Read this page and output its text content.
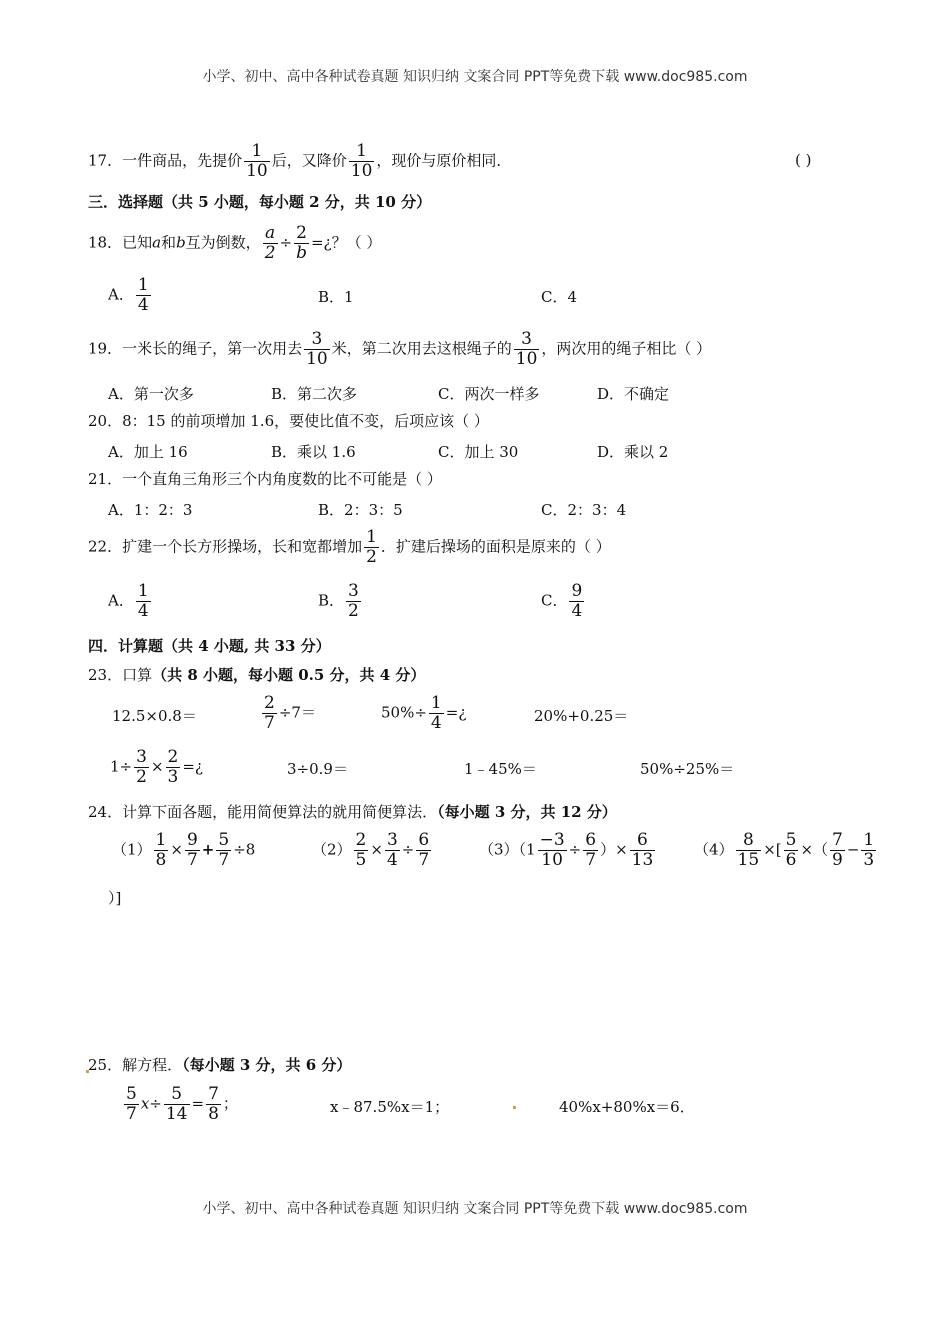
小学、初中、高中各种试卷真题 知识归纳 文案合同 PPT等免费下载 www.doc985.com
17．一件商品，先提价 $\frac{1}{10}$ 后，又降价 $\frac{1}{10}$ ，现价与原价相同．	( )
三．选择题（共 5 小题，每小题 2 分，共 10 分）
18．已知a和b互为倒数， $\frac{a}{2} \div \frac{2}{b}$ =¿？（ ）
A． $\frac{1}{4}$	B．1	C．4
19．一米长的绳子，第一次用去 $\frac{3}{10}$ 米，第二次用去这根绳子的 $\frac{3}{10}$ ，两次用的绳子相比（ ）
A．第一次多	B．第二次多	C．两次一样多	D．不确定
20．8：15 的前项增加 1.6，要使比值不变，后项应该（ ）
A．加上 16	B．乘以 1.6	C．加上 30	D．乘以 2
21．一个直角三角形三个内角度数的比不可能是（ ）
A．1：2：3	B．2：3：5	C．2：3：4
22．扩建一个长方形操场，长和宽都增加 $\frac{1}{2}$ ．扩建后操场的面积是原来的（ ）
A． $\frac{1}{4}$	B． $\frac{3}{2}$	C． $\frac{9}{4}$
四．计算题（共 4 小题, 共 33 分）
23．口算（共 8 小题，每小题 0.5 分，共 4 分）
12.5×0.8＝	$\frac{2}{7} \div 7=$	$50\%\div \frac{1}{4}$ =¿	20%+0.25＝
$1\div \frac{3}{2} \times \frac{2}{3}$ =¿	3÷0.9＝	1﹣45%＝	50%÷25%＝
24．计算下面各题，能用简便算法的就用简便算法．（每小题 3 分，共 12 分）
$(1) \frac{1}{8} \times \frac{9}{7} + \frac{5}{7} \div 8$	$(2) \frac{2}{5} \times \frac{3}{4} \div \frac{6}{7}$	$(3)(1 \frac{-3}{10} \div \frac{6}{7}$ ）× $\frac{6}{13}$	$(4) \frac{8}{15}$ ×[ $\frac{5}{6}$ ×（ $\frac{7}{9} - \frac{1}{3}$
）]
25．解方程．（每小题 3 分，共 6 分）
$\frac{5}{7} x\div \frac{5}{14} = \frac{7}{8}$ ；	x﹣87.5%x＝1；	40%x+80%x＝6．
小学、初中、高中各种试卷真题 知识归纳 文案合同 PPT等免费下载 www.doc985.com
